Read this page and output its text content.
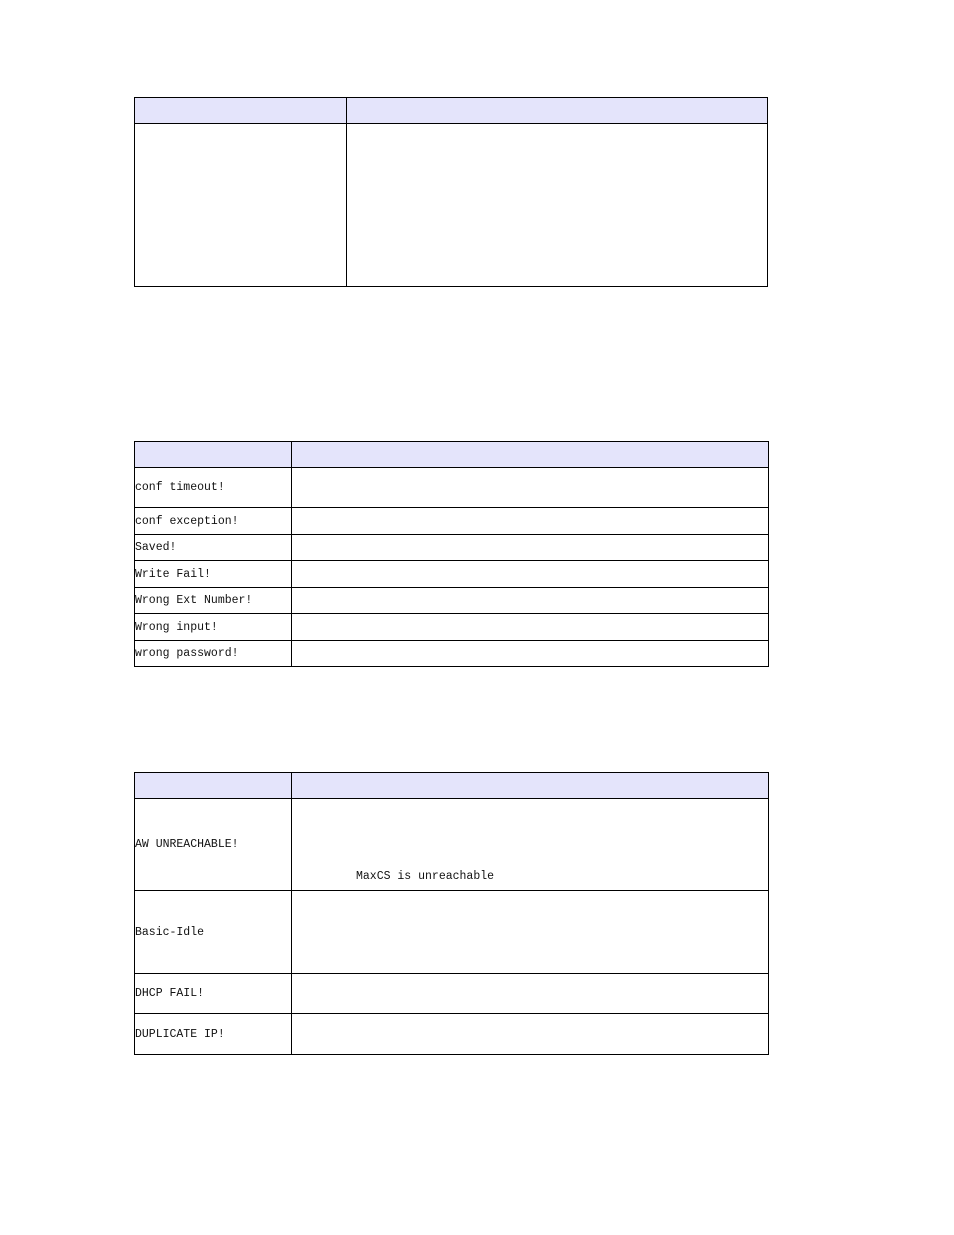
conf timeout!	
conf exception!	
Saved!	
Write Fail!	
Wrong Ext Number!	
Wrong input!	
wrong password!	

AW UNREACHABLE!	MaxCS is unreachable

Basic-Idle	
DHCP FAIL!	
DUPLICATE IP!	
